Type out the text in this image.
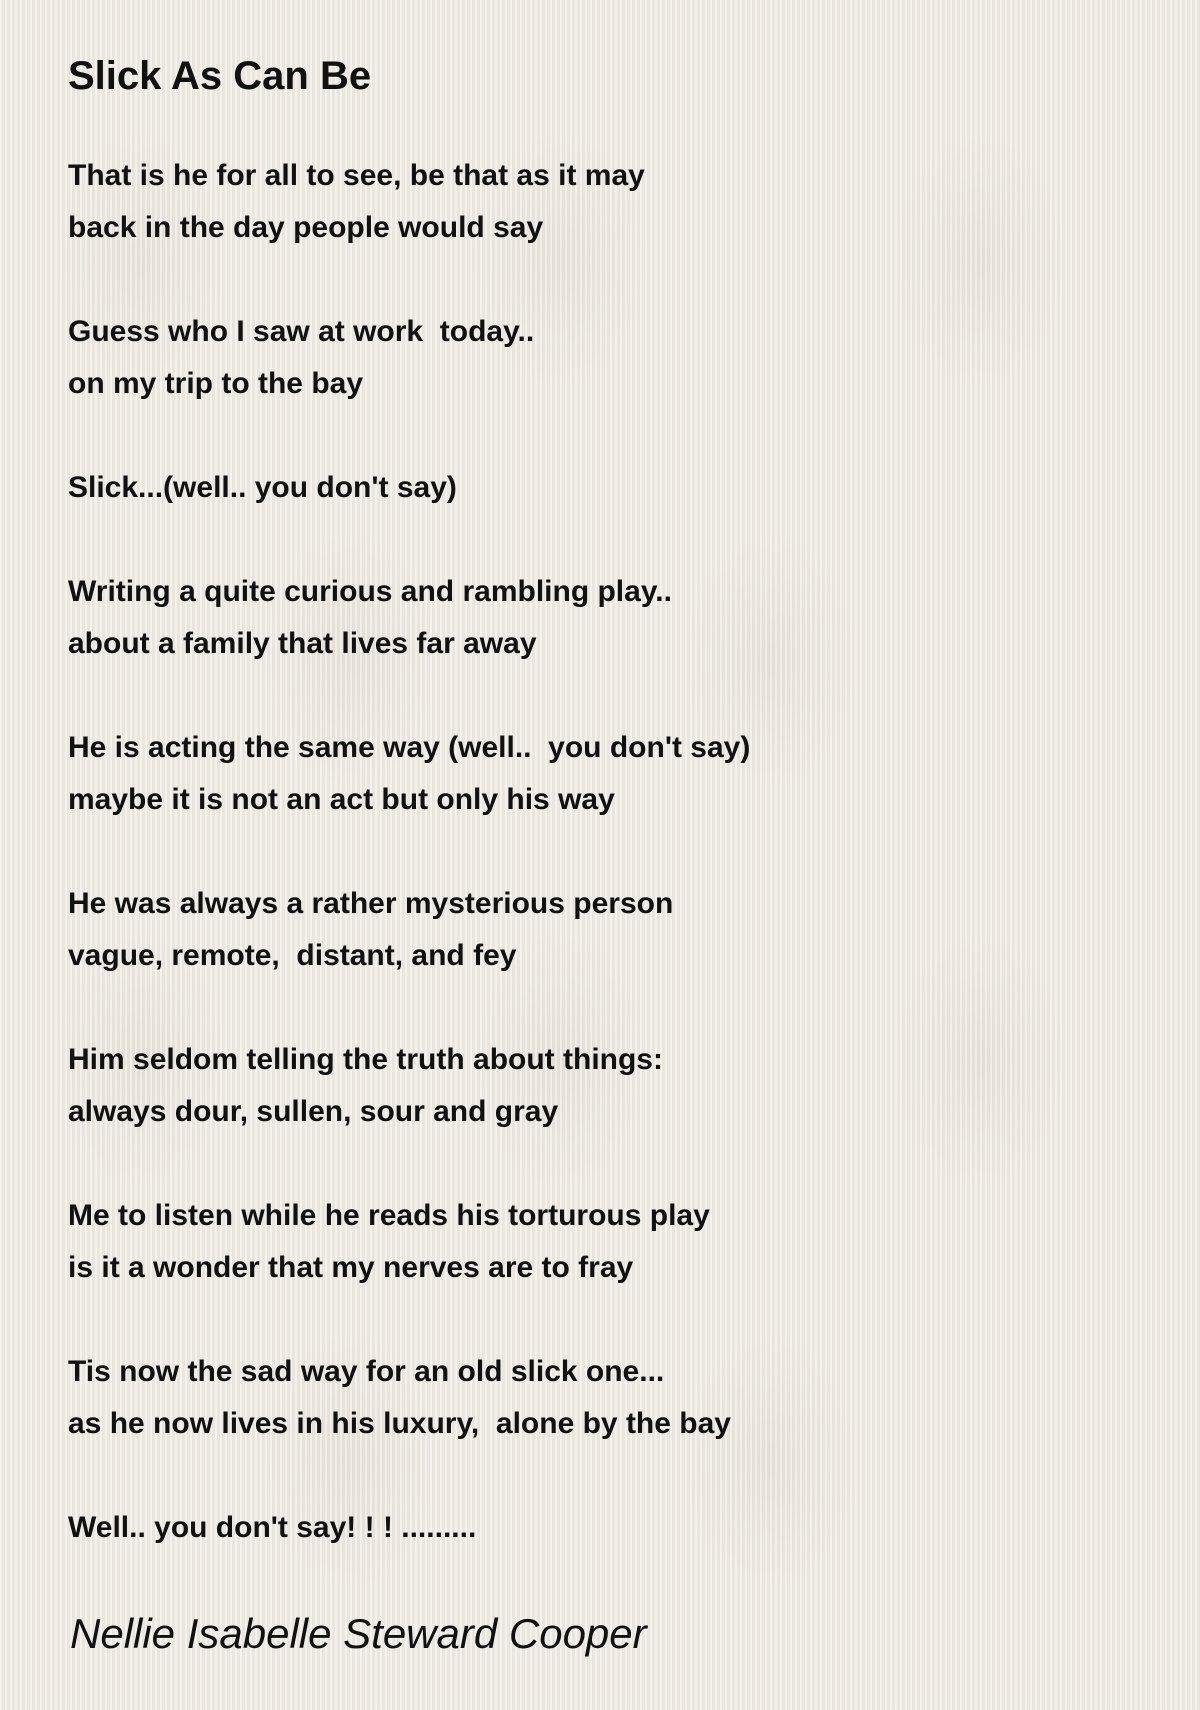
Slick As Can Be
That is he for all to see, be that as it may
back in the day people would say
Guess who I saw at work  today..
on my trip to the bay
Slick...(well.. you don't say)
Writing a quite curious and rambling play..
about a family that lives far away
He is acting the same way (well..  you don't say)
maybe it is not an act but only his way
He was always a rather mysterious person
vague, remote,  distant, and fey
Him seldom telling the truth about things:
always dour, sullen, sour and gray
Me to listen while he reads his torturous play
is it a wonder that my nerves are to fray
Tis now the sad way for an old slick one...
as he now lives in his luxury,  alone by the bay
Well.. you don't say! ! ! .........
Nellie Isabelle Steward Cooper
